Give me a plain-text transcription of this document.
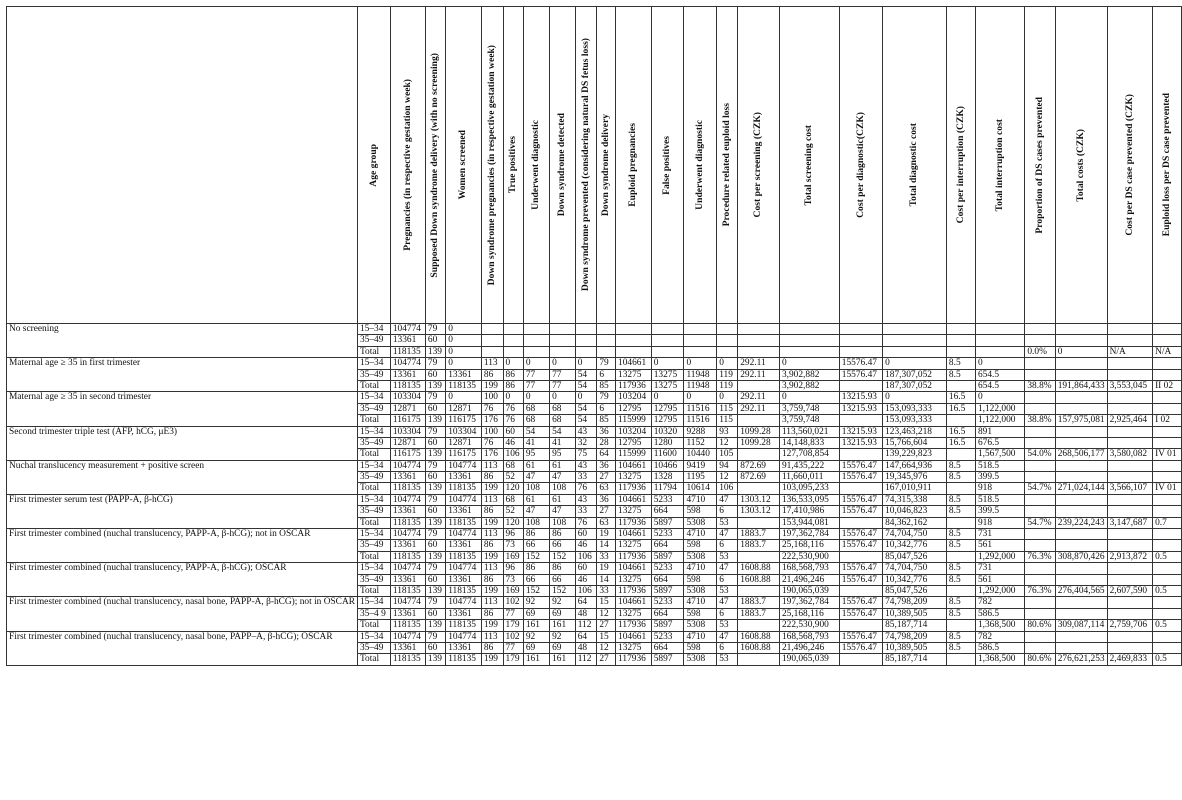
	Age group	Pregnancies (in respective gestation week)	Supposed Down syndrome delivery (with no screening)	Women screened	Down syndrome pregnancies (in respective gestation week)	True positives	Underwent diagnostic	Down syndrome detected	Down syndrome prevented (considering natural DS fetus loss)	Down syndrome delivery	Euploid pregnancies	False positives	Underwent diagnostic	Procedure related euploid loss	Cost per screening (CZK)	Total screening cost	Cost per diagnostic(CZK)	Total diagnostic cost	Cost per interruption (CZK)	Total interruption cost	Proportion of DS cases prevented	Total costs (CZK)	Cost per DS case prevented (CZK)	Euploid loss per DS case prevented

No screening	15–34	104774	79	0																				
	35–49	13361	60	0																				
	Total	118135	139	0																	0.0%	0	N/A	N/A
Maternal age ≥ 35 in first trimester	15–34	104774	79	0	113	0	0	0	0	79	104661	0	0	0	292.11	0	15576.47	0	8.5	0				
	35–49	13361	60	13361	86	86	77	77	54	6	13275	13275	11948	119	292.11	3,902,882	15576.47	187,307,052	8.5	654.5				
	Total	118135	139	118135	199	86	77	77	54	85	117936	13275	11948	119		3,902,882		187,307,052		654.5	38.8%	191,864,433	3,553,045	II 02
Maternal age ≥ 35 in second trimester	15–34	103304	79	0	100	0	0	0	0	79	103204	0	0	0	292.11	0	13215.93	0	16.5	0				
	35–49	12871	60	12871	76	76	68	68	54	6	12795	12795	11516	115	292.11	3,759,748	13215.93	153,093,333	16.5	1,122,000				
	Total	116175	139	116175	176	76	68	68	54	85	115999	12795	11516	115		3,759,748		153,093,333		1,122,000	38.8%	157,975,081	2,925,464	I 02
Second trimester triple test (AFP, hCG, μE3)	15–34	103304	79	103304	100	60	54	54	43	36	103204	10320	9288	93	1099.28	113,560,021	13215.93	123,463,218	16.5	891				
	35–49	12871	60	12871	76	46	41	41	32	28	12795	1280	1152	12	1099.28	14,148,833	13215.93	15,766,604	16.5	676.5				
	Total	116175	139	116175	176	106	95	95	75	64	115999	11600	10440	105		127,708,854		139,229,823		1,567,500	54.0%	268,506,177	3,580,082	IV 01
Nuchal translucency measurement + positive screen	15–34	104774	79	104774	113	68	61	61	43	36	104661	10466	9419	94	872.69	91,435,222	15576.47	147,664,936	8.5	518.5				
	35–49	13361	60	13361	86	52	47	47	33	27	13275	1328	1195	12	872.69	11,660,011	15576.47	19,345,976	8.5	399.5				
	Total	118135	139	118135	199	120	108	108	76	63	117936	11794	10614	106		103,095,233		167,010,911		918	54.7%	271,024,144	3,566,107	IV 01
First trimester serum test (PAPP-A, β-hCG)	15–34	104774	79	104774	113	68	61	61	43	36	104661	5233	4710	47	1303.12	136,533,095	15576.47	74,315,338	8.5	518.5				
	35–49	13361	60	13361	86	52	47	47	33	27	13275	664	598	6	1303.12	17,410,986	15576.47	10,046,823	8.5	399.5				
	Total	118135	139	118135	199	120	108	108	76	63	117936	5897	5308	53		153,944,081		84,362,162		918	54.7%	239,224,243	3,147,687	0.7
First trimester combined (nuchal translucency, PAPP-A, β-hCG); not in OSCAR	15–34	104774	79	104774	113	96	86	86	60	19	104661	5233	4710	47	1883.7	197,362,784	15576.47	74,704,750	8.5	731				
	35–49	13361	60	13361	86	73	66	66	46	14	13275	664	598	6	1883.7	25,168,116	15576.47	10,342,776	8.5	561				
	Total	118135	139	118135	199	169	152	152	106	33	117936	5897	5308	53		222,530,900		85,047,526		1,292,000	76.3%	308,870,426	2,913,872	0.5
First trimester combined (nuchal translucency, PAPP-A, β-hCG); OSCAR	15–34	104774	79	104774	113	96	86	86	60	19	104661	5233	4710	47	1608.88	168,568,793	15576.47	74,704,750	8.5	731				
	35–49	13361	60	13361	86	73	66	66	46	14	13275	664	598	6	1608.88	21,496,246	15576.47	10,342,776	8.5	561				
	Total	118135	139	118135	199	169	152	152	106	33	117936	5897	5308	53		190,065,039		85,047,526		1,292,000	76.3%	276,404,565	2,607,590	0.5
First trimester combined (nuchal translucency, nasal bone, PAPP-A, β-hCG); not in OSCAR	15–34	104774	79	104774	113	102	92	92	64	15	104661	5233	4710	47	1883.7	197,362,784	15576.47	74,798,209	8.5	782				
	35–4 9	13361	60	13361	86	77	69	69	48	12	13275	664	598	6	1883.7	25,168,116	15576.47	10,389,505	8.5	586.5				
	Total	118135	139	118135	199	179	161	161	112	27	117936	5897	5308	53		222,530,900		85,187,714		1,368,500	80.6%	309,087,114	2,759,706	0.5
First trimester combined (nuchal translucency, nasal bone, PAPP–A, β-hCG); OSCAR	15–34	104774	79	104774	113	102	92	92	64	15	104661	5233	4710	47	1608.88	168,568,793	15576.47	74,798,209	8.5	782				
	35–49	13361	60	13361	86	77	69	69	48	12	13275	664	598	6	1608.88	21,496,246	15576.47	10,389,505	8.5	586.5				
	Total	118135	139	118135	199	179	161	161	112	27	117936	5897	5308	53		190,065,039		85,187,714		1,368,500	80.6%	276,621,253	2,469,833	0.5
